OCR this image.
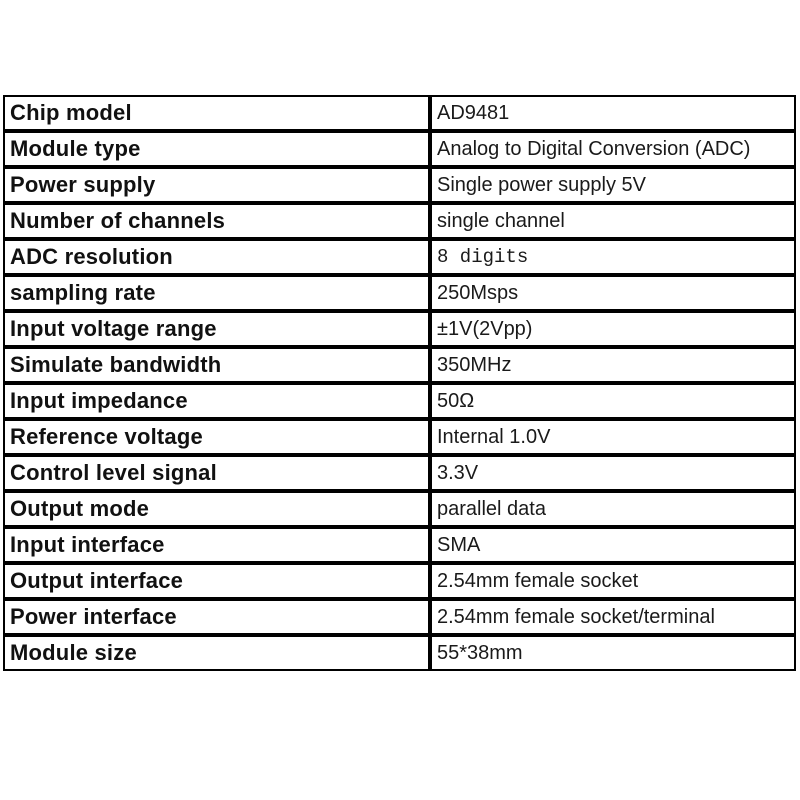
Chip model	AD9481
Module type	Analog to Digital Conversion (ADC)
Power supply	Single power supply 5V
Number of channels	single channel
ADC resolution	8 digits
sampling rate	250Msps
Input voltage range	±1V(2Vpp)
Simulate bandwidth	350MHz
Input impedance	50Ω
Reference voltage	Internal 1.0V
Control level signal	3.3V
Output mode	parallel data
Input interface	SMA
Output interface	2.54mm female socket
Power interface	2.54mm female socket/terminal
Module size	55*38mm
